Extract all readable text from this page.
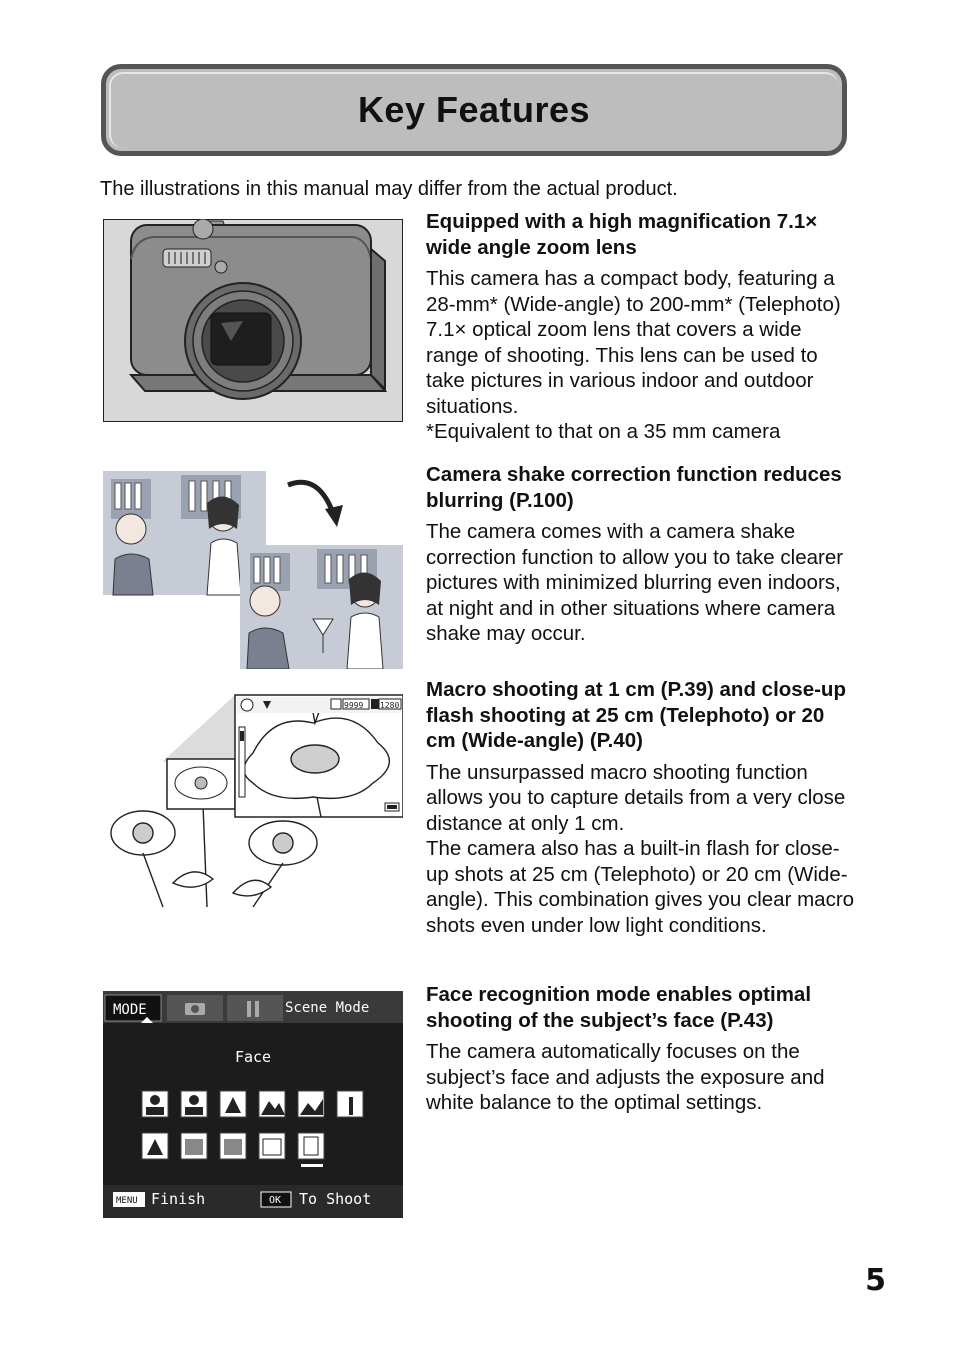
Key Features
The illustrations in this manual may differ from the actual product.
Equipped with a high magnification 7.1× wide angle zoom lens

This camera has a compact body, featuring a 28-mm* (Wide-angle) to 200-mm* (Telephoto) 7.1× optical zoom lens that covers a wide range of shooting. This lens can be used to take pictures in various indoor and outdoor situations.

*Equivalent to that on a 35 mm camera

Camera shake correction function reduces blurring (P.100)

The camera comes with a camera shake correction function to allow you to take clearer pictures with minimized blurring even indoors, at night and in other situations where camera shake may occur.

9999 1280
Macro shooting at 1 cm (P.39) and close-up flash shooting at 25 cm (Telephoto) or 20 cm (Wide-angle) (P.40)

The unsurpassed macro shooting function allows you to capture details from a very close distance at only 1 cm.

The camera also has a built-in flash for close-up shots at 25 cm (Telephoto) or 20 cm (Wide-angle). This combination gives you clear macro shots even under low light conditions.

MODE	Scene Mode
Face
MENU Finish	OK To Shoot
Face recognition mode enables optimal shooting of the subject’s face (P.43)

The camera automatically focuses on the subject’s face and adjusts the exposure and white balance to the optimal settings.

5
